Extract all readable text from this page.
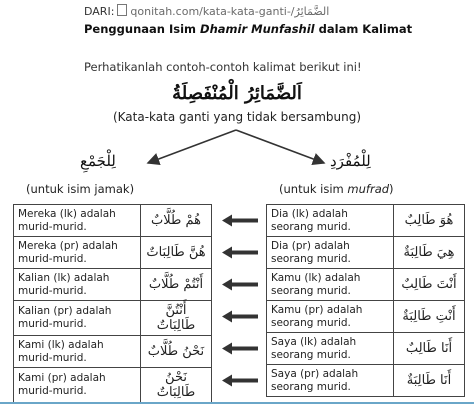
DARI: qonitah.com/kata-kata-ganti-/الضَّمَائِرُ
Penggunaan Isim Dhamir Munfashil dalam Kalimat
Perhatikanlah contoh-contoh kalimat berikut ini!
اَلضَّمَائِرُ الْمُنْفَصِلَةُ
(Kata-kata ganti yang tidak bersambung)
لِلْجَمْعِ	لِلْمُفْرَدِ
(untuk isim jamak)	(untuk isim mufrad)
Mereka (lk) adalah murid-murid.	هُمْ طُلَّابٌ
Mereka (pr) adalah murid-murid.	هُنَّ طَالِبَاتٌ
Kalian (lk) adalah murid-murid.	أَنْتُمْ طُلَّابٌ
Kalian (pr) adalah murid-murid.	أَنْتُنَّ طَالِبَاتٌ
Kami (lk) adalah murid-murid.	نَحْنُ طُلَّابٌ
Kami (pr) adalah murid-murid.	نَحْنُ طَالِبَاتٌ
Dia (lk) adalah seorang murid.	هُوَ طَالِبٌ
Dia (pr) adalah seorang murid.	هِيَ طَالِبَةٌ
Kamu (lk) adalah seorang murid.	أَنْتَ طَالِبٌ
Kamu (pr) adalah seorang murid.	أَنْتِ طَالِبَةٌ
Saya (lk) adalah seorang murid.	أَنَا طَالِبٌ
Saya (pr) adalah seorang murid.	أَنَا طَالِبَةٌ
